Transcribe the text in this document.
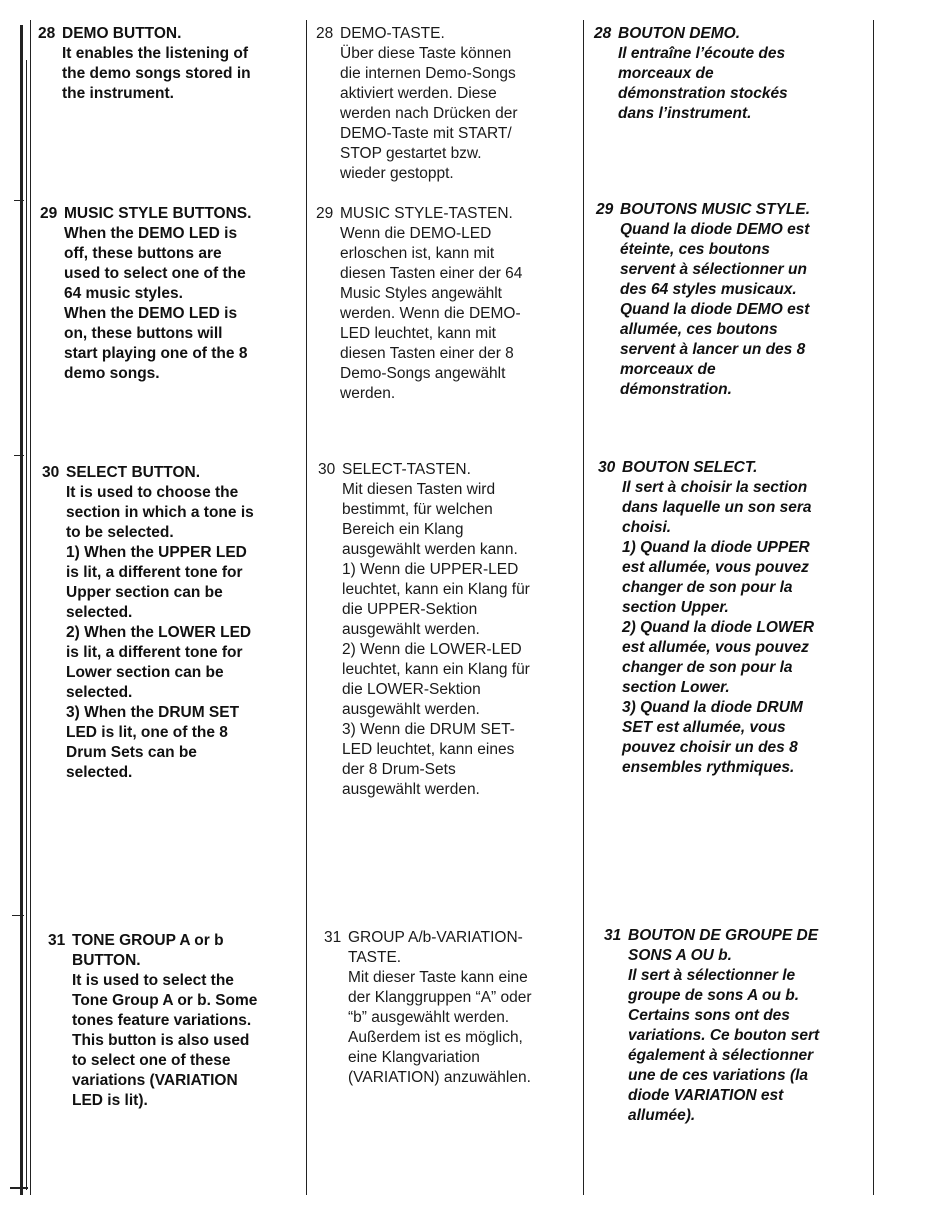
28 DEMO BUTTON.
It enables the listening of
the demo songs stored in
the instrument.
28 DEMO-TASTE.
Über diese Taste können
die internen Demo-Songs
aktiviert werden. Diese
werden nach Drücken der
DEMO-Taste mit START/
STOP gestartet bzw.
wieder gestoppt.
28 BOUTON DEMO.
Il entraîne l’écoute des
morceaux de
démonstration stockés
dans l’instrument.
29 MUSIC STYLE BUTTONS.
When the DEMO LED is
off, these buttons are
used to select one of the
64 music styles.
When the DEMO LED is
on, these buttons will
start playing one of the 8
demo songs.
29 MUSIC STYLE-TASTEN.
Wenn die DEMO-LED
erloschen ist, kann mit
diesen Tasten einer der 64
Music Styles angewählt
werden. Wenn die DEMO-
LED leuchtet, kann mit
diesen Tasten einer der 8
Demo-Songs angewählt
werden.
29 BOUTONS MUSIC STYLE.
Quand la diode DEMO est
éteinte, ces boutons
servent à sélectionner un
des 64 styles musicaux.
Quand la diode DEMO est
allumée, ces boutons
servent à lancer un des 8
morceaux de
démonstration.
30 SELECT BUTTON.
It is used to choose the
section in which a tone is
to be selected.
1) When the UPPER LED
is lit, a different tone for
Upper section can be
selected.
2) When the LOWER LED
is lit, a different tone for
Lower section can be
selected.
3) When the DRUM SET
LED is lit, one of the 8
Drum Sets can be
selected.
30 SELECT-TASTEN.
Mit diesen Tasten wird
bestimmt, für welchen
Bereich ein Klang
ausgewählt werden kann.
1) Wenn die UPPER-LED
leuchtet, kann ein Klang für
die UPPER-Sektion
ausgewählt werden.
2) Wenn die LOWER-LED
leuchtet, kann ein Klang für
die LOWER-Sektion
ausgewählt werden.
3) Wenn die DRUM SET-
LED leuchtet, kann eines
der 8 Drum-Sets
ausgewählt werden.
30 BOUTON SELECT.
Il sert à choisir la section
dans laquelle un son sera
choisi.
1) Quand la diode UPPER
est allumée, vous pouvez
changer de son pour la
section Upper.
2) Quand la diode LOWER
est allumée, vous pouvez
changer de son pour la
section Lower.
3) Quand la diode DRUM
SET est allumée, vous
pouvez choisir un des 8
ensembles rythmiques.
31 TONE GROUP A or b
BUTTON.
It is used to select the
Tone Group A or b. Some
tones feature variations.
This button is also used
to select one of these
variations (VARIATION
LED is lit).
31 GROUP A/b-VARIATION-
TASTE.
Mit dieser Taste kann eine
der Klanggruppen “A” oder
“b” ausgewählt werden.
Außerdem ist es möglich,
eine Klangvariation
(VARIATION) anzuwählen.
31 BOUTON DE GROUPE DE
SONS A OU b.
Il sert à sélectionner le
groupe de sons A ou b.
Certains sons ont des
variations. Ce bouton sert
également à sélectionner
une de ces variations (la
diode VARIATION est
allumée).
